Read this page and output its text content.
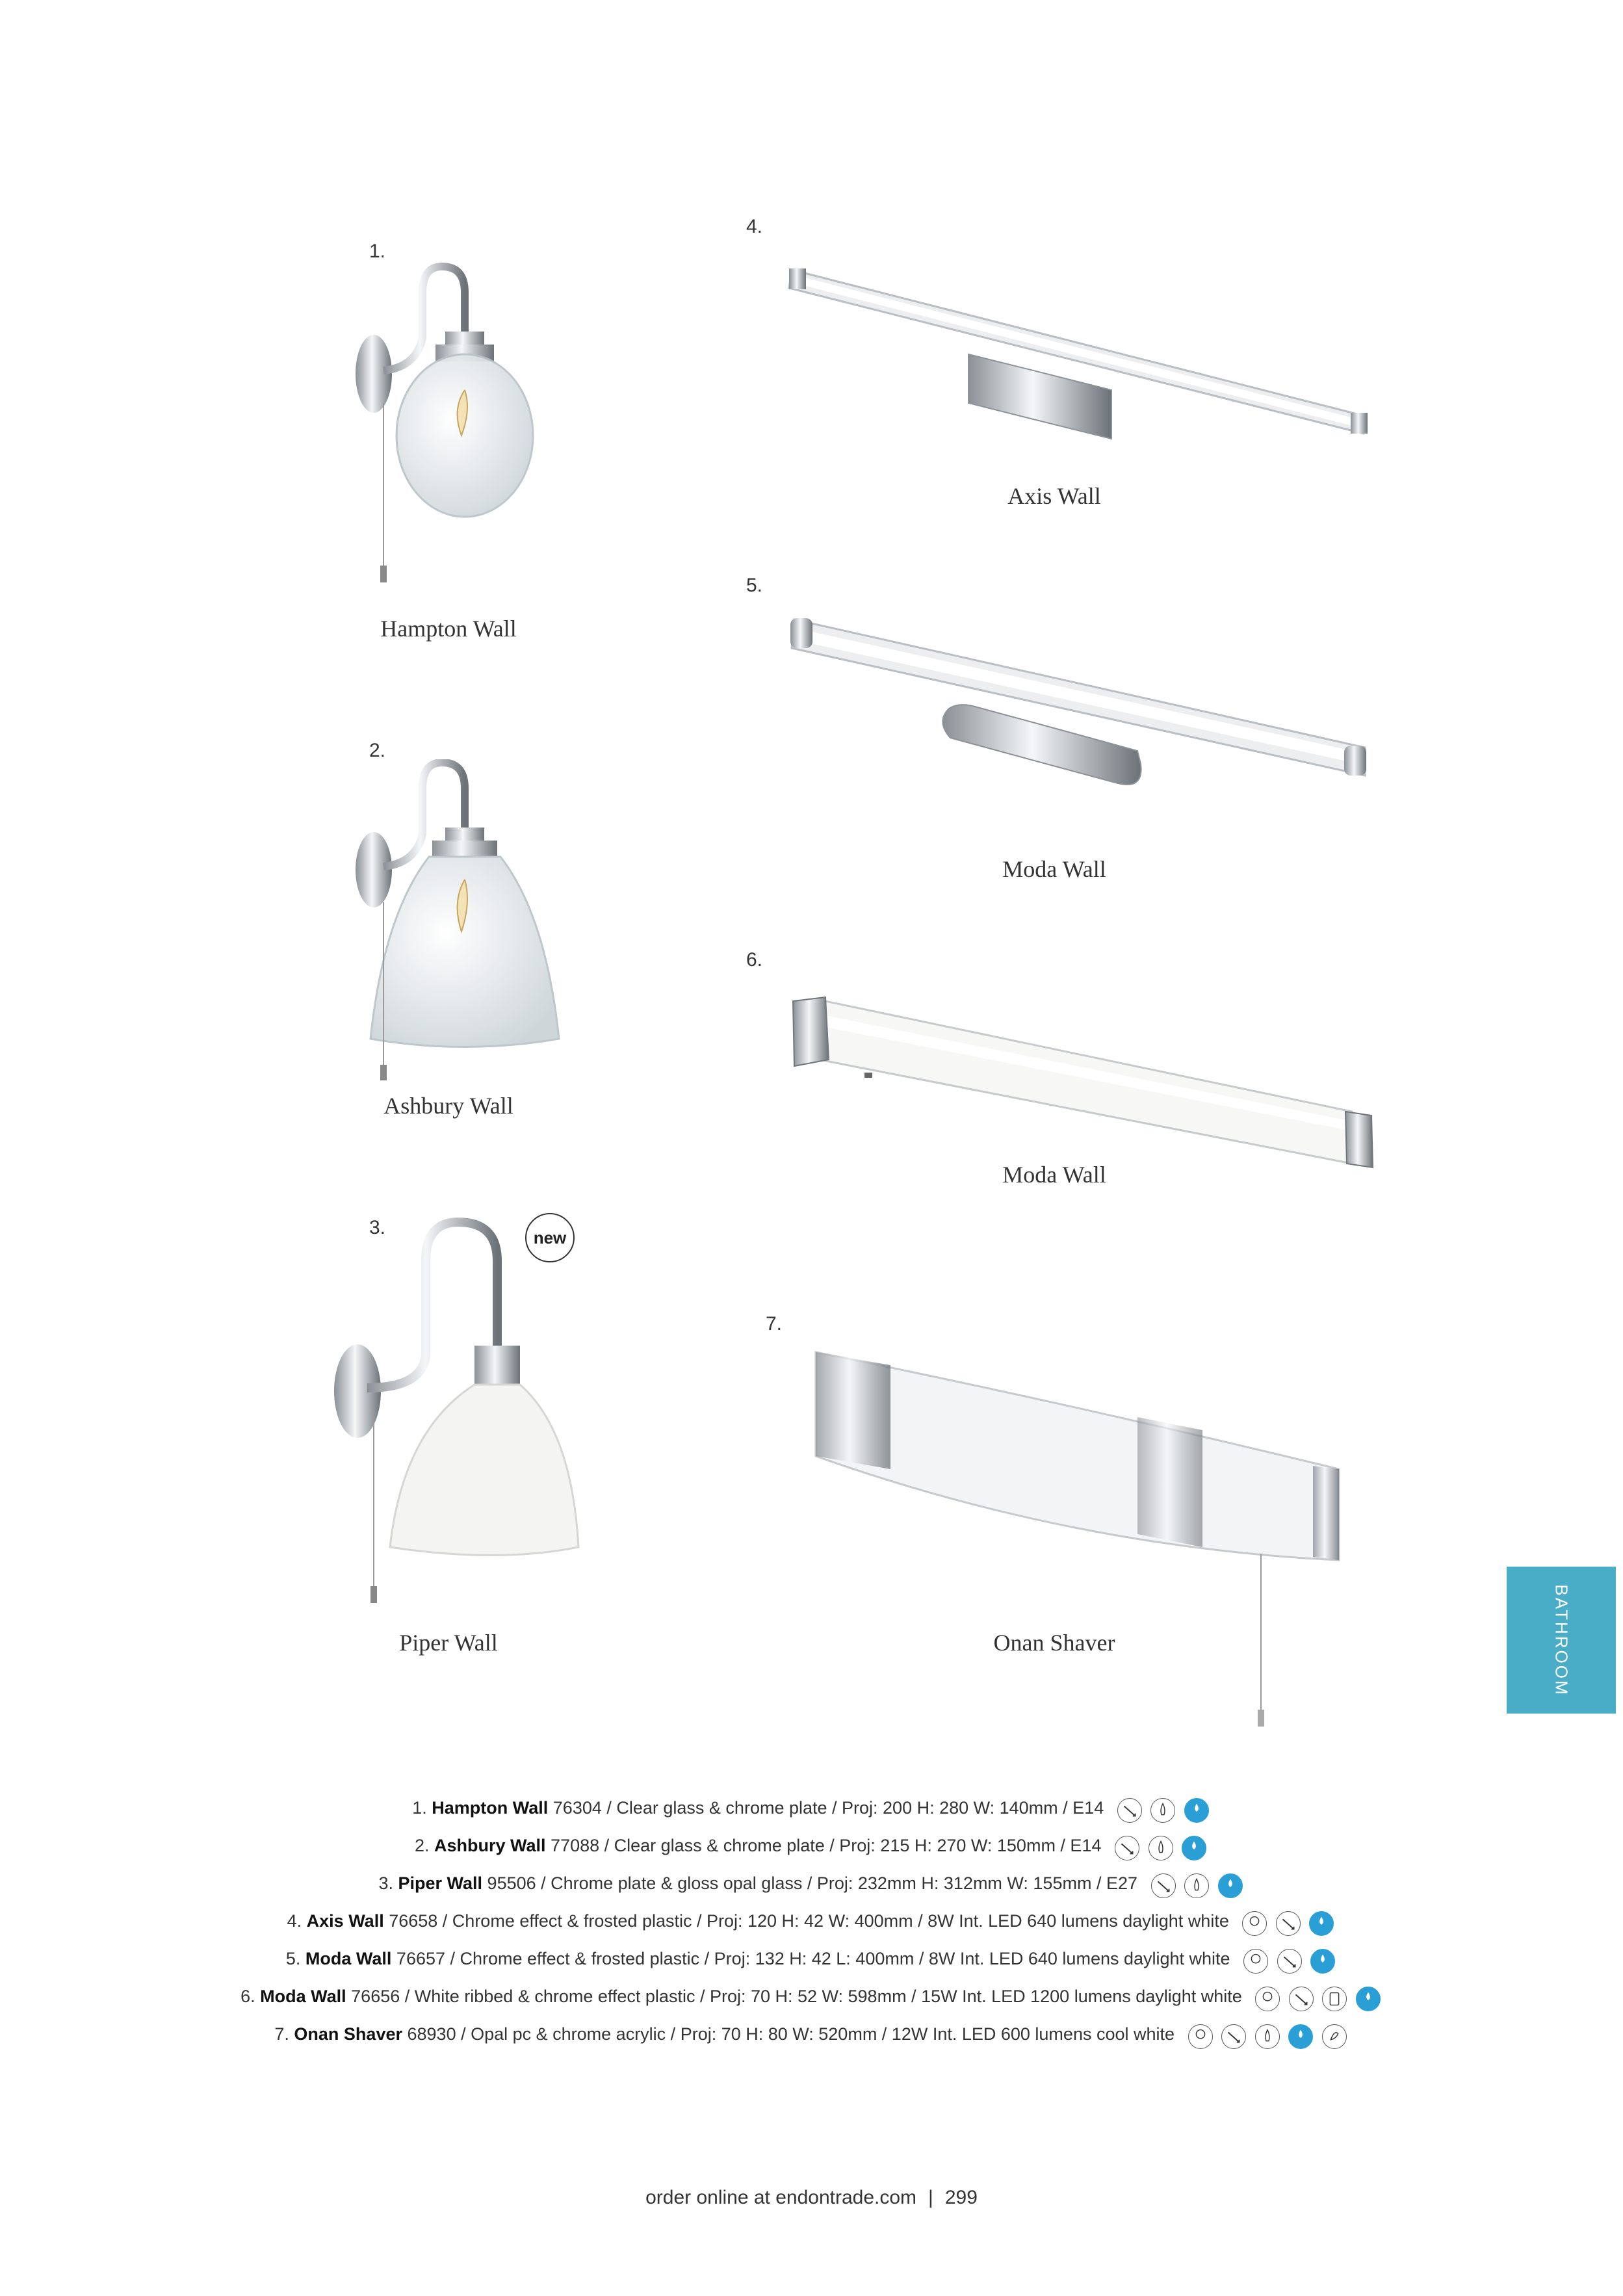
1.
Hampton Wall
2.
Ashbury Wall
3.	new
Piper Wall
4.
Axis Wall
5.
Moda Wall
6.
Moda Wall
7.
Onan Shaver	BATHROOM
1. Hampton Wall 76304 / Clear glass & chrome plate / Proj: 200 H: 280 W: 140mm / E14

2. Ashbury Wall 77088 / Clear glass & chrome plate / Proj: 215 H: 270 W: 150mm / E14

3. Piper Wall 95506 / Chrome plate & gloss opal glass / Proj: 232mm H: 312mm W: 155mm / E27

4. Axis Wall 76658 / Chrome effect & frosted plastic / Proj: 120 H: 42 W: 400mm / 8W Int. LED 640 lumens daylight white

5. Moda Wall 76657 / Chrome effect & frosted plastic / Proj: 132 H: 42 L: 400mm / 8W Int. LED 640 lumens daylight white

6. Moda Wall 76656 / White ribbed & chrome effect plastic / Proj: 70 H: 52 W: 598mm / 15W Int. LED 1200 lumens daylight white

7. Onan Shaver 68930 / Opal pc & chrome acrylic / Proj: 70 H: 80 W: 520mm / 12W Int. LED 600 lumens cool white

order online at endontrade.com | 299
